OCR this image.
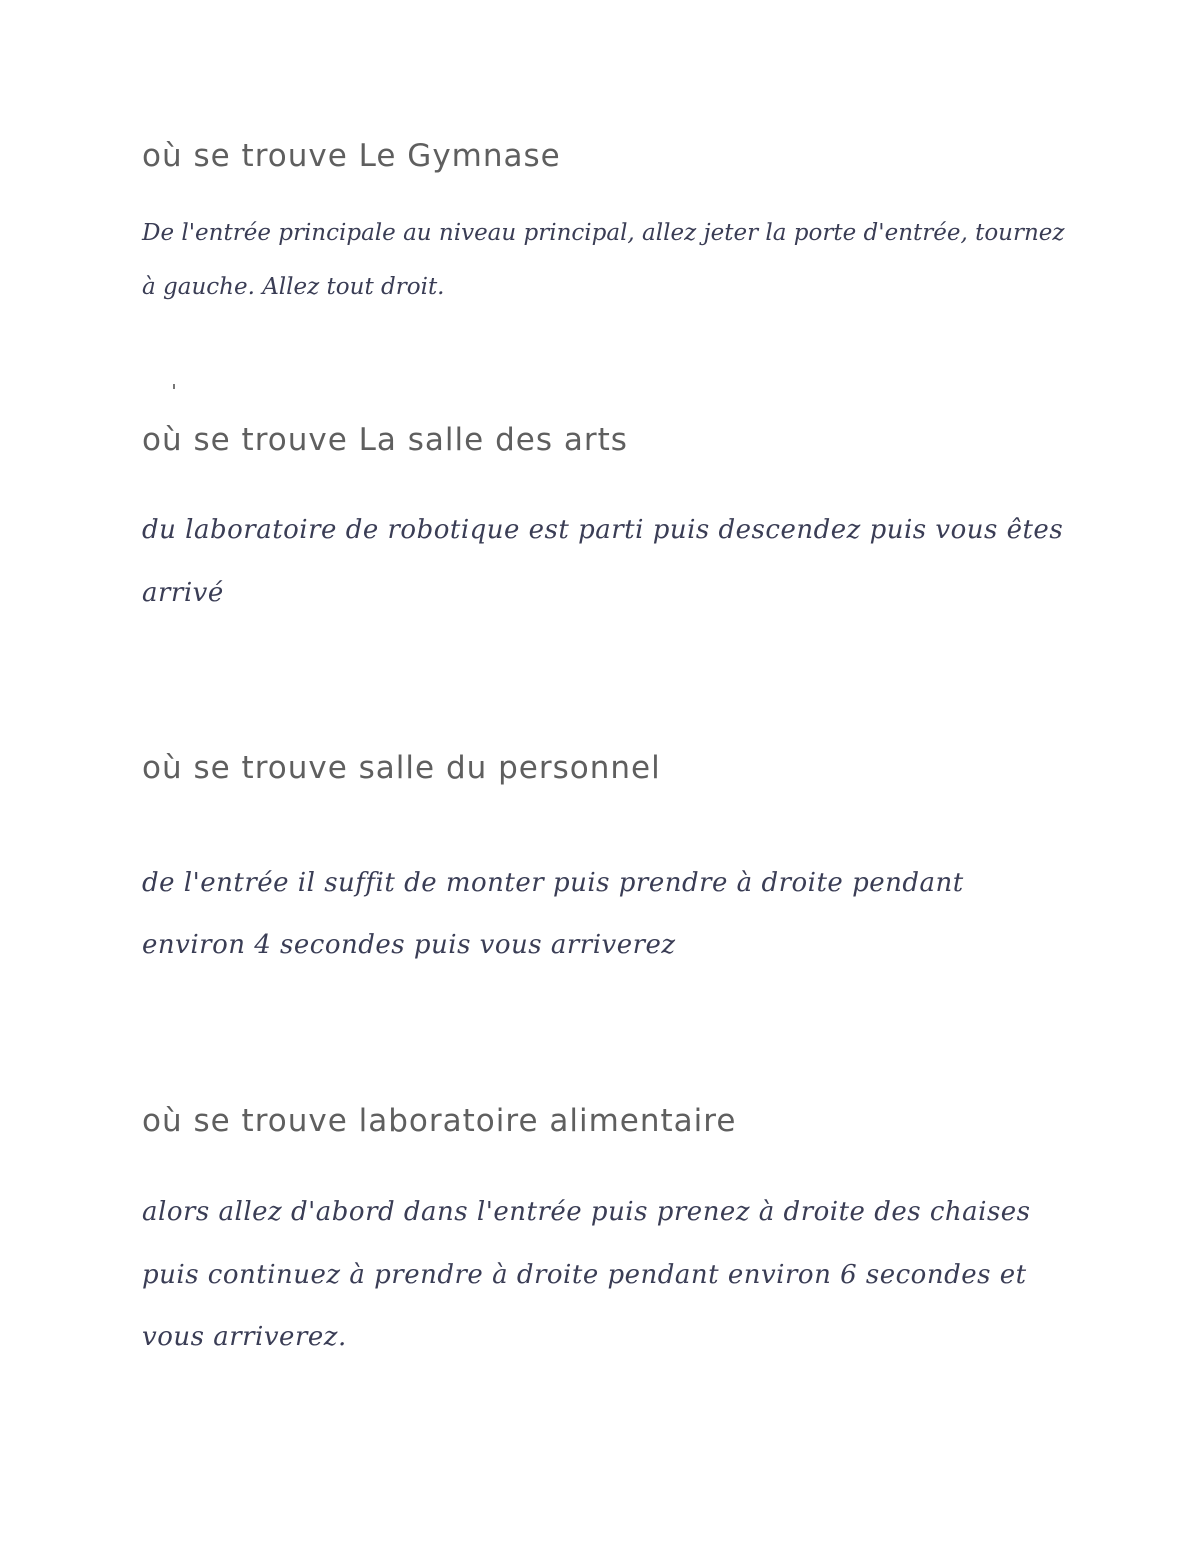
où se trouve Le Gymnase

De l'entrée principale au niveau principal, allez jeter la porte d'entrée, tournez

à gauche. Allez tout droit.

où se trouve La salle des arts

du laboratoire de robotique est parti puis descendez puis vous êtes

arrivé

où se trouve salle du personnel

de l'entrée il suffit de monter puis prendre à droite pendant

environ 4 secondes puis vous arriverez

où se trouve laboratoire alimentaire

alors allez d'abord dans l'entrée puis prenez à droite des chaises

puis continuez à prendre à droite pendant environ 6 secondes et

vous arriverez.
